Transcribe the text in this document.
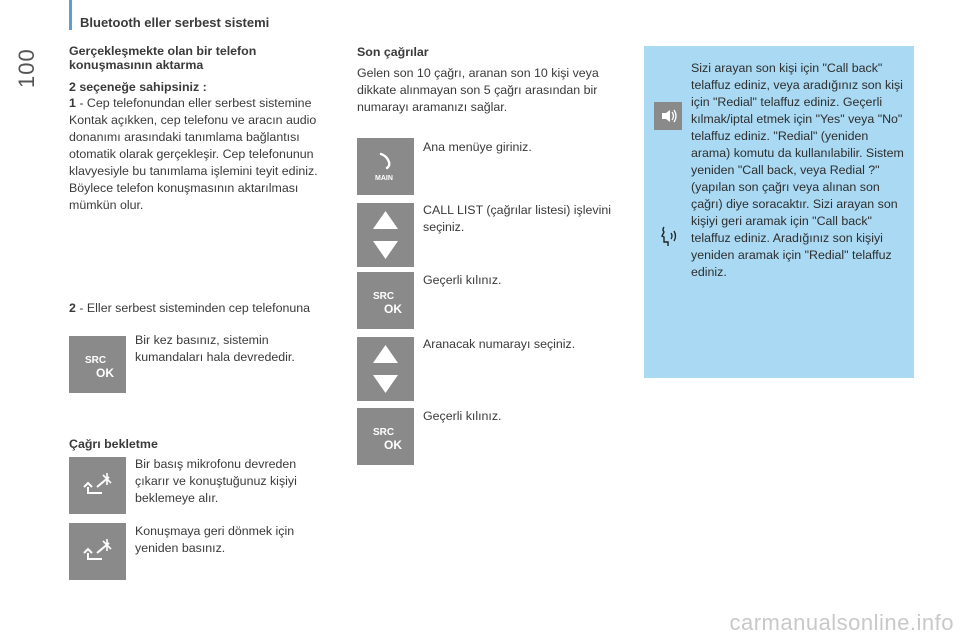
Bluetooth eller serbest sistemi
100	Gerçekleşmekte olan bir telefon konuşmasının aktarma
2 seçeneğe sahipsiniz :
1 - Cep telefonundan eller serbest sistemine Kontak açıkken, cep telefonu ve aracın audio donanımı arasındaki tanımlama bağlantısı otomatik olarak gerçekleşir. Cep telefonunun klavyesiyle bu tanımlama işlemini teyit ediniz. Böylece telefon konuşmasının aktarılması mümkün olur.
2 - Eller serbest sisteminden cep telefonuna
SRC
OK
Bir kez basınız, sistemin kumandaları hala devrededir.
Çağrı bekletme
Bir basış mikrofonu devreden çıkarır ve konuştuğunuz kişiyi beklemeye alır.
Konuşmaya geri dönmek için yeniden basınız.
Son çağrılar
Gelen son 10 çağrı, aranan son 10 kişi veya dikkate alınmayan son 5 çağrı arasından bir numarayı aramanızı sağlar.
MAIN
Ana menüye giriniz.
CALL LIST (çağrılar listesi) işlevini seçiniz.
SRC
OK
Geçerli kılınız.
Aranacak numarayı seçiniz.
SRC
OK
Geçerli kılınız.
Sizi arayan son kişi için "Call back" telaffuz ediniz, veya aradığınız son kişi için "Redial" telaffuz ediniz. Geçerli kılmak/iptal etmek için "Yes" veya "No" telaffuz ediniz. "Redial" (yeniden arama) komutu da kullanılabilir. Sistem yeniden "Call back, veya Redial ?" (yapılan son çağrı veya alınan son çağrı) diye soracaktır. Sizi arayan son kişiyi geri aramak için "Call back" telaffuz ediniz. Aradığınız son kişiyi yeniden aramak için "Redial" telaffuz ediniz.
carmanualsonline.info
